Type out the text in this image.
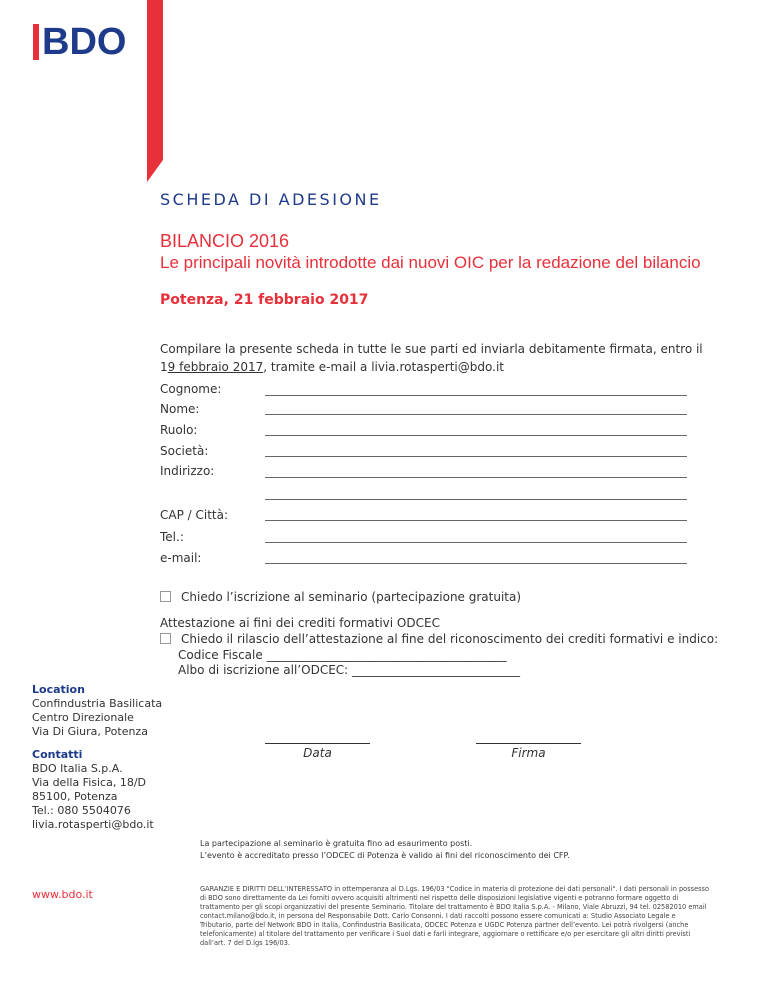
BDO
SCHEDA DI ADESIONE
BILANCIO 2016
Le principali novità introdotte dai nuovi OIC per la redazione del bilancio
Potenza, 21 febbraio 2017
Compilare la presente scheda in tutte le sue parti ed inviarla debitamente firmata, entro il 19 febbraio 2017, tramite e-mail a livia.rotasperti@bdo.it
Cognome:
Nome:
Ruolo:
Società:
Indirizzo:
CAP / Città:
Tel.:
e-mail:
Chiedo l’iscrizione al seminario (partecipazione gratuita)
Attestazione ai fini dei crediti formativi ODCEC
Chiedo il rilascio dell’attestazione al fine del riconoscimento dei crediti formativi e indico:
Codice Fiscale ________________________________________
Albo di iscrizione all’ODCEC: ____________________________
Location
Confindustria Basilicata
Centro Direzionale
Via Di Giura, Potenza
Contatti
BDO Italia S.p.A.
Via della Fisica, 18/D
85100, Potenza
Tel.: 080 5504076
livia.rotasperti@bdo.it
Data	Firma
La partecipazione al seminario è gratuita fino ad esaurimento posti.
L’evento è accreditato presso l’ODCEC di Potenza è valido ai fini del riconoscimento dei CFP.
www.bdo.it	GARANZIE E DIRITTI DELL’INTERESSATO in ottemperanza al D.Lgs. 196/03 "Codice in materia di protezione dei dati personali". I dati personali in possesso di BDO sono direttamente da Lei forniti ovvero acquisiti altrimenti nel rispetto delle disposizioni legislative vigenti e potranno formare oggetto di trattamento per gli scopi organizzativi del presente Seminario. Titolare del trattamento è BDO Italia S.p.A. - Milano, Viale Abruzzi, 94 tel. 02582010 email contact.milano@bdo.it, in persona del Responsabile Dott. Carlo Consonni. I dati raccolti possono essere comunicati a: Studio Associato Legale e Tributario, parte del Network BDO in Italia, Confindustria Basilicata, ODCEC Potenza e UGDC Potenza partner dell’evento. Lei potrà rivolgersi (anche telefonicamente) al titolare del trattamento per verificare i Suoi dati e farli integrare, aggiornare o rettificare e/o per esercitare gli altri diritti previsti dall’art. 7 del D.lgs 196/03.
